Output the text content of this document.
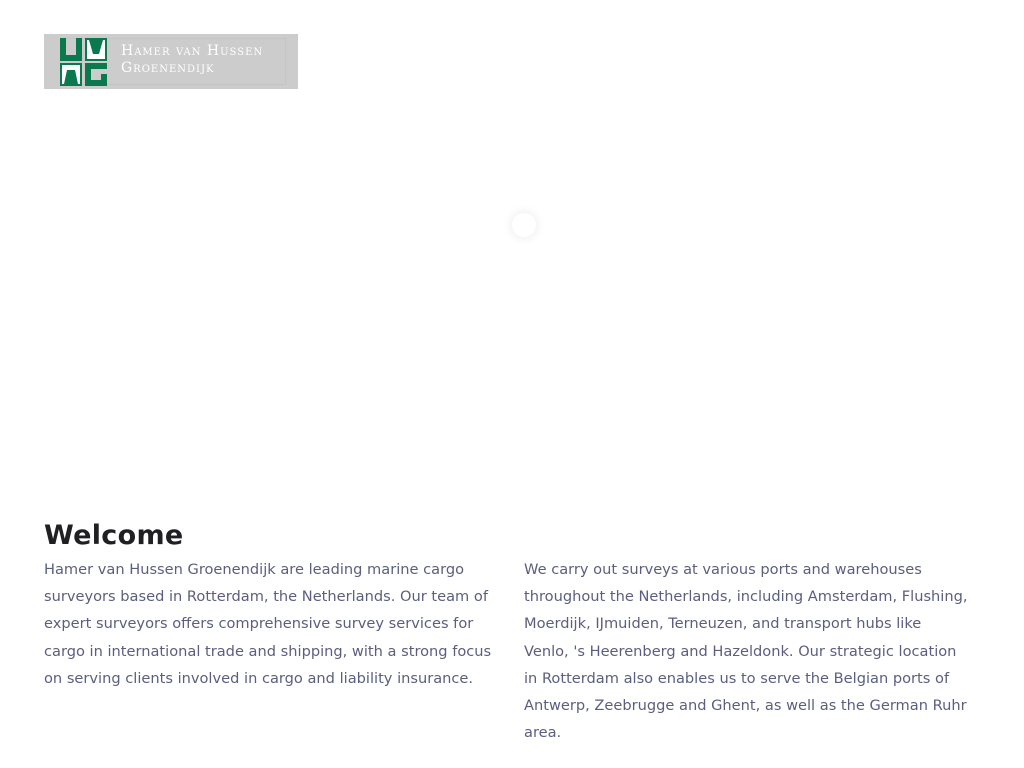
Hamer van Hussen
Groenendijk
Welcome

Hamer van Hussen Groenendijk are leading marine cargo surveyors based in Rotterdam, the Netherlands. Our team of expert surveyors offers comprehensive survey services for cargo in international trade and shipping, with a strong focus on serving clients involved in cargo and liability insurance.

We carry out surveys at various ports and warehouses throughout the Netherlands, including Amsterdam, Flushing, Moerdijk, IJmuiden, Terneuzen, and transport hubs like Venlo, 's Heerenberg and Hazeldonk. Our strategic location in Rotterdam also enables us to serve the Belgian ports of Antwerp, Zeebrugge and Ghent, as well as the German Ruhr area.
